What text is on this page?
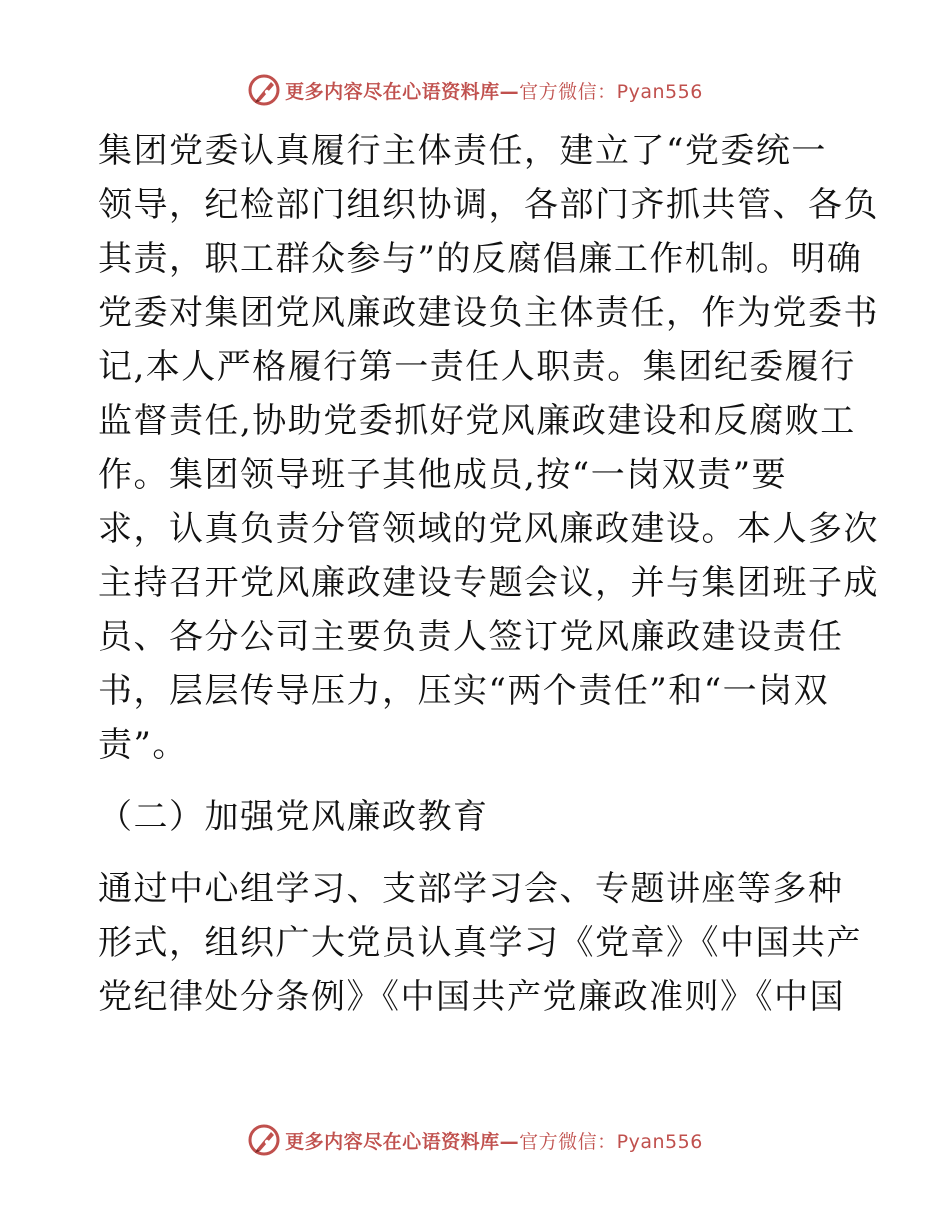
更多内容尽在心语资料库—官方微信：Pyan556
集团党委认真履行主体责任，建立了“党委统一
领导，纪检部门组织协调，各部门齐抓共管、各负
其责，职工群众参与”的反腐倡廉工作机制。明确
党委对集团党风廉政建设负主体责任，作为党委书
记,本人严格履行第一责任人职责。集团纪委履行
监督责任,协助党委抓好党风廉政建设和反腐败工
作。集团领导班子其他成员,按“一岗双责”要
求，认真负责分管领域的党风廉政建设。本人多次
主持召开党风廉政建设专题会议，并与集团班子成
员、各分公司主要负责人签订党风廉政建设责任
书，层层传导压力，压实“两个责任”和“一岗双
责”。
（二）加强党风廉政教育
通过中心组学习、支部学习会、专题讲座等多种
形式，组织广大党员认真学习《党章》《中国共产
党纪律处分条例》《中国共产党廉政准则》《中国
更多内容尽在心语资料库—官方微信：Pyan556
